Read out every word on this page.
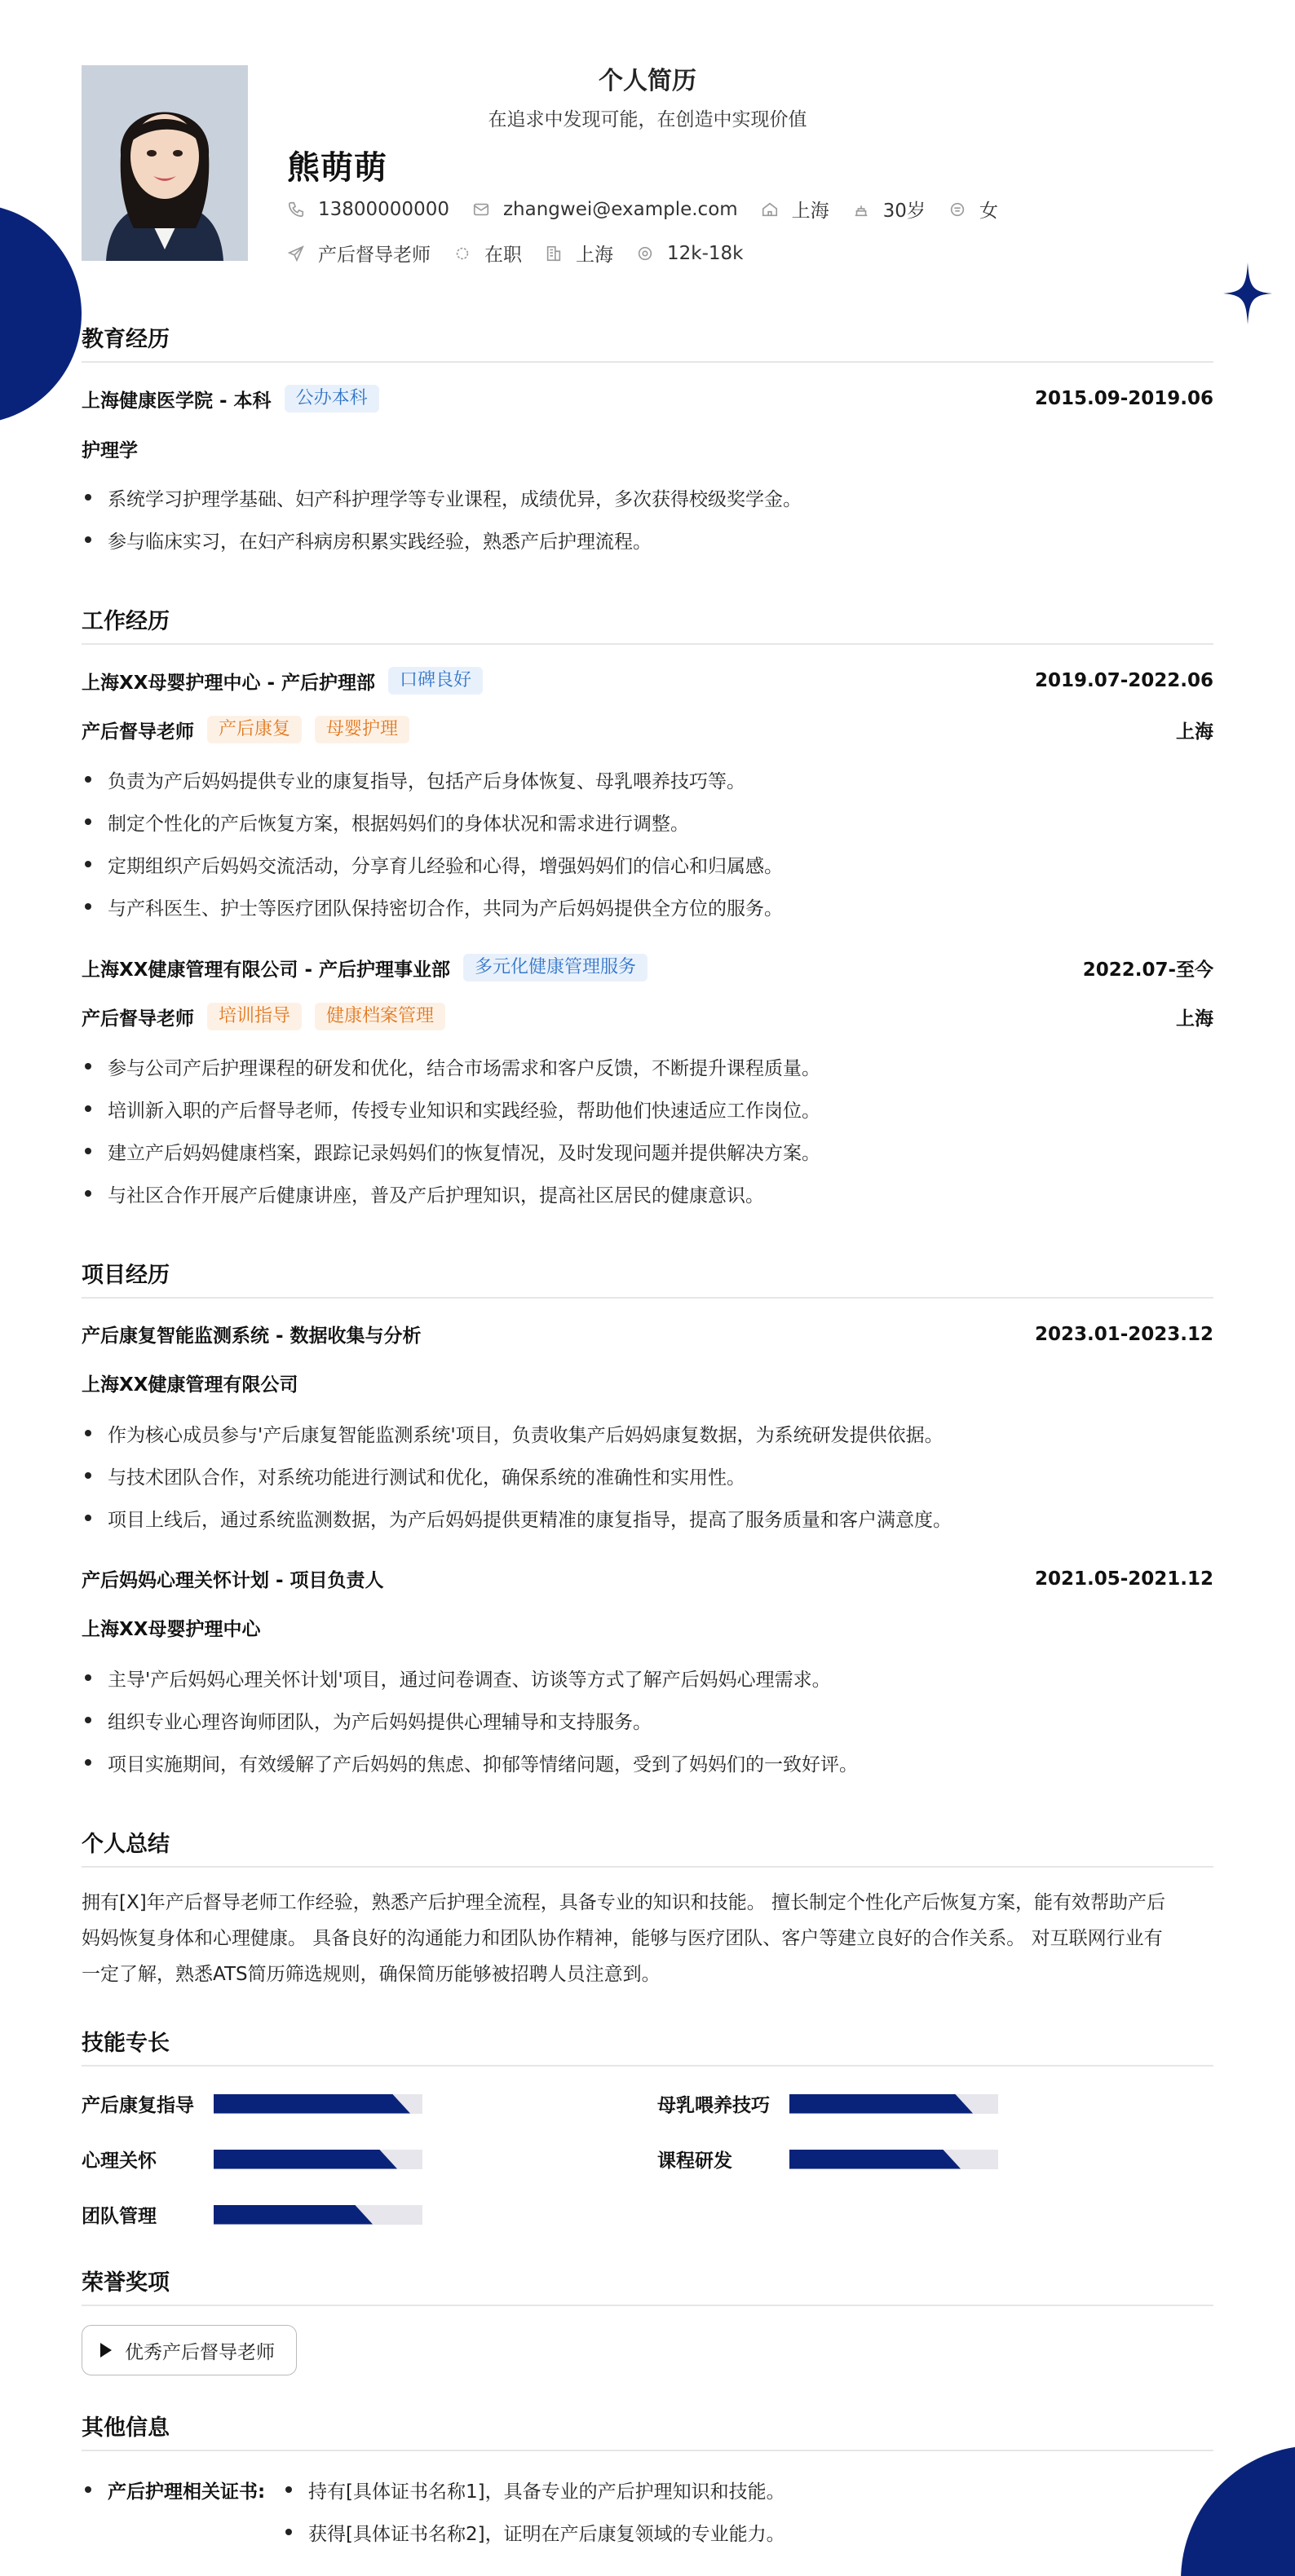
个人简历
在追求中发现可能，在创造中实现价值
熊萌萌
13800000000	zhangwei@example.com	上海	30岁	女
产后督导老师	在职	上海	12k-18k
教育经历
上海健康医学院 - 本科	公办本科	2015.09-2019.06
护理学
系统学习护理学基础、妇产科护理学等专业课程，成绩优异，多次获得校级奖学金。
参与临床实习，在妇产科病房积累实践经验，熟悉产后护理流程。
工作经历
上海XX母婴护理中心 - 产后护理部	口碑良好	2019.07-2022.06
产后督导老师	产后康复	母婴护理	上海
负责为产后妈妈提供专业的康复指导，包括产后身体恢复、母乳喂养技巧等。
制定个性化的产后恢复方案，根据妈妈们的身体状况和需求进行调整。
定期组织产后妈妈交流活动，分享育儿经验和心得，增强妈妈们的信心和归属感。
与产科医生、护士等医疗团队保持密切合作，共同为产后妈妈提供全方位的服务。
上海XX健康管理有限公司 - 产后护理事业部	多元化健康管理服务	2022.07-至今
产后督导老师	培训指导	健康档案管理	上海
参与公司产后护理课程的研发和优化，结合市场需求和客户反馈，不断提升课程质量。
培训新入职的产后督导老师，传授专业知识和实践经验，帮助他们快速适应工作岗位。
建立产后妈妈健康档案，跟踪记录妈妈们的恢复情况，及时发现问题并提供解决方案。
与社区合作开展产后健康讲座，普及产后护理知识，提高社区居民的健康意识。
项目经历
产后康复智能监测系统 - 数据收集与分析	2023.01-2023.12
上海XX健康管理有限公司
作为核心成员参与'产后康复智能监测系统'项目，负责收集产后妈妈康复数据，为系统研发提供依据。
与技术团队合作，对系统功能进行测试和优化，确保系统的准确性和实用性。
项目上线后，通过系统监测数据，为产后妈妈提供更精准的康复指导，提高了服务质量和客户满意度。
产后妈妈心理关怀计划 - 项目负责人	2021.05-2021.12
上海XX母婴护理中心
主导'产后妈妈心理关怀计划'项目，通过问卷调查、访谈等方式了解产后妈妈心理需求。
组织专业心理咨询师团队，为产后妈妈提供心理辅导和支持服务。
项目实施期间，有效缓解了产后妈妈的焦虑、抑郁等情绪问题，受到了妈妈们的一致好评。
个人总结
拥有[X]年产后督导老师工作经验，熟悉产后护理全流程，具备专业的知识和技能。 擅长制定个性化产后恢复方案，能有效帮助产后
妈妈恢复身体和心理健康。 具备良好的沟通能力和团队协作精神，能够与医疗团队、客户等建立良好的合作关系。 对互联网行业有
一定了解，熟悉ATS简历筛选规则，确保简历能够被招聘人员注意到。
技能专长
产后康复指导	母乳喂养技巧
心理关怀	课程研发
团队管理
荣誉奖项
优秀产后督导老师
其他信息
产后护理相关证书:	持有[具体证书名称1]，具备专业的产后护理知识和技能。
获得[具体证书名称2]，证明在产后康复领域的专业能力。
